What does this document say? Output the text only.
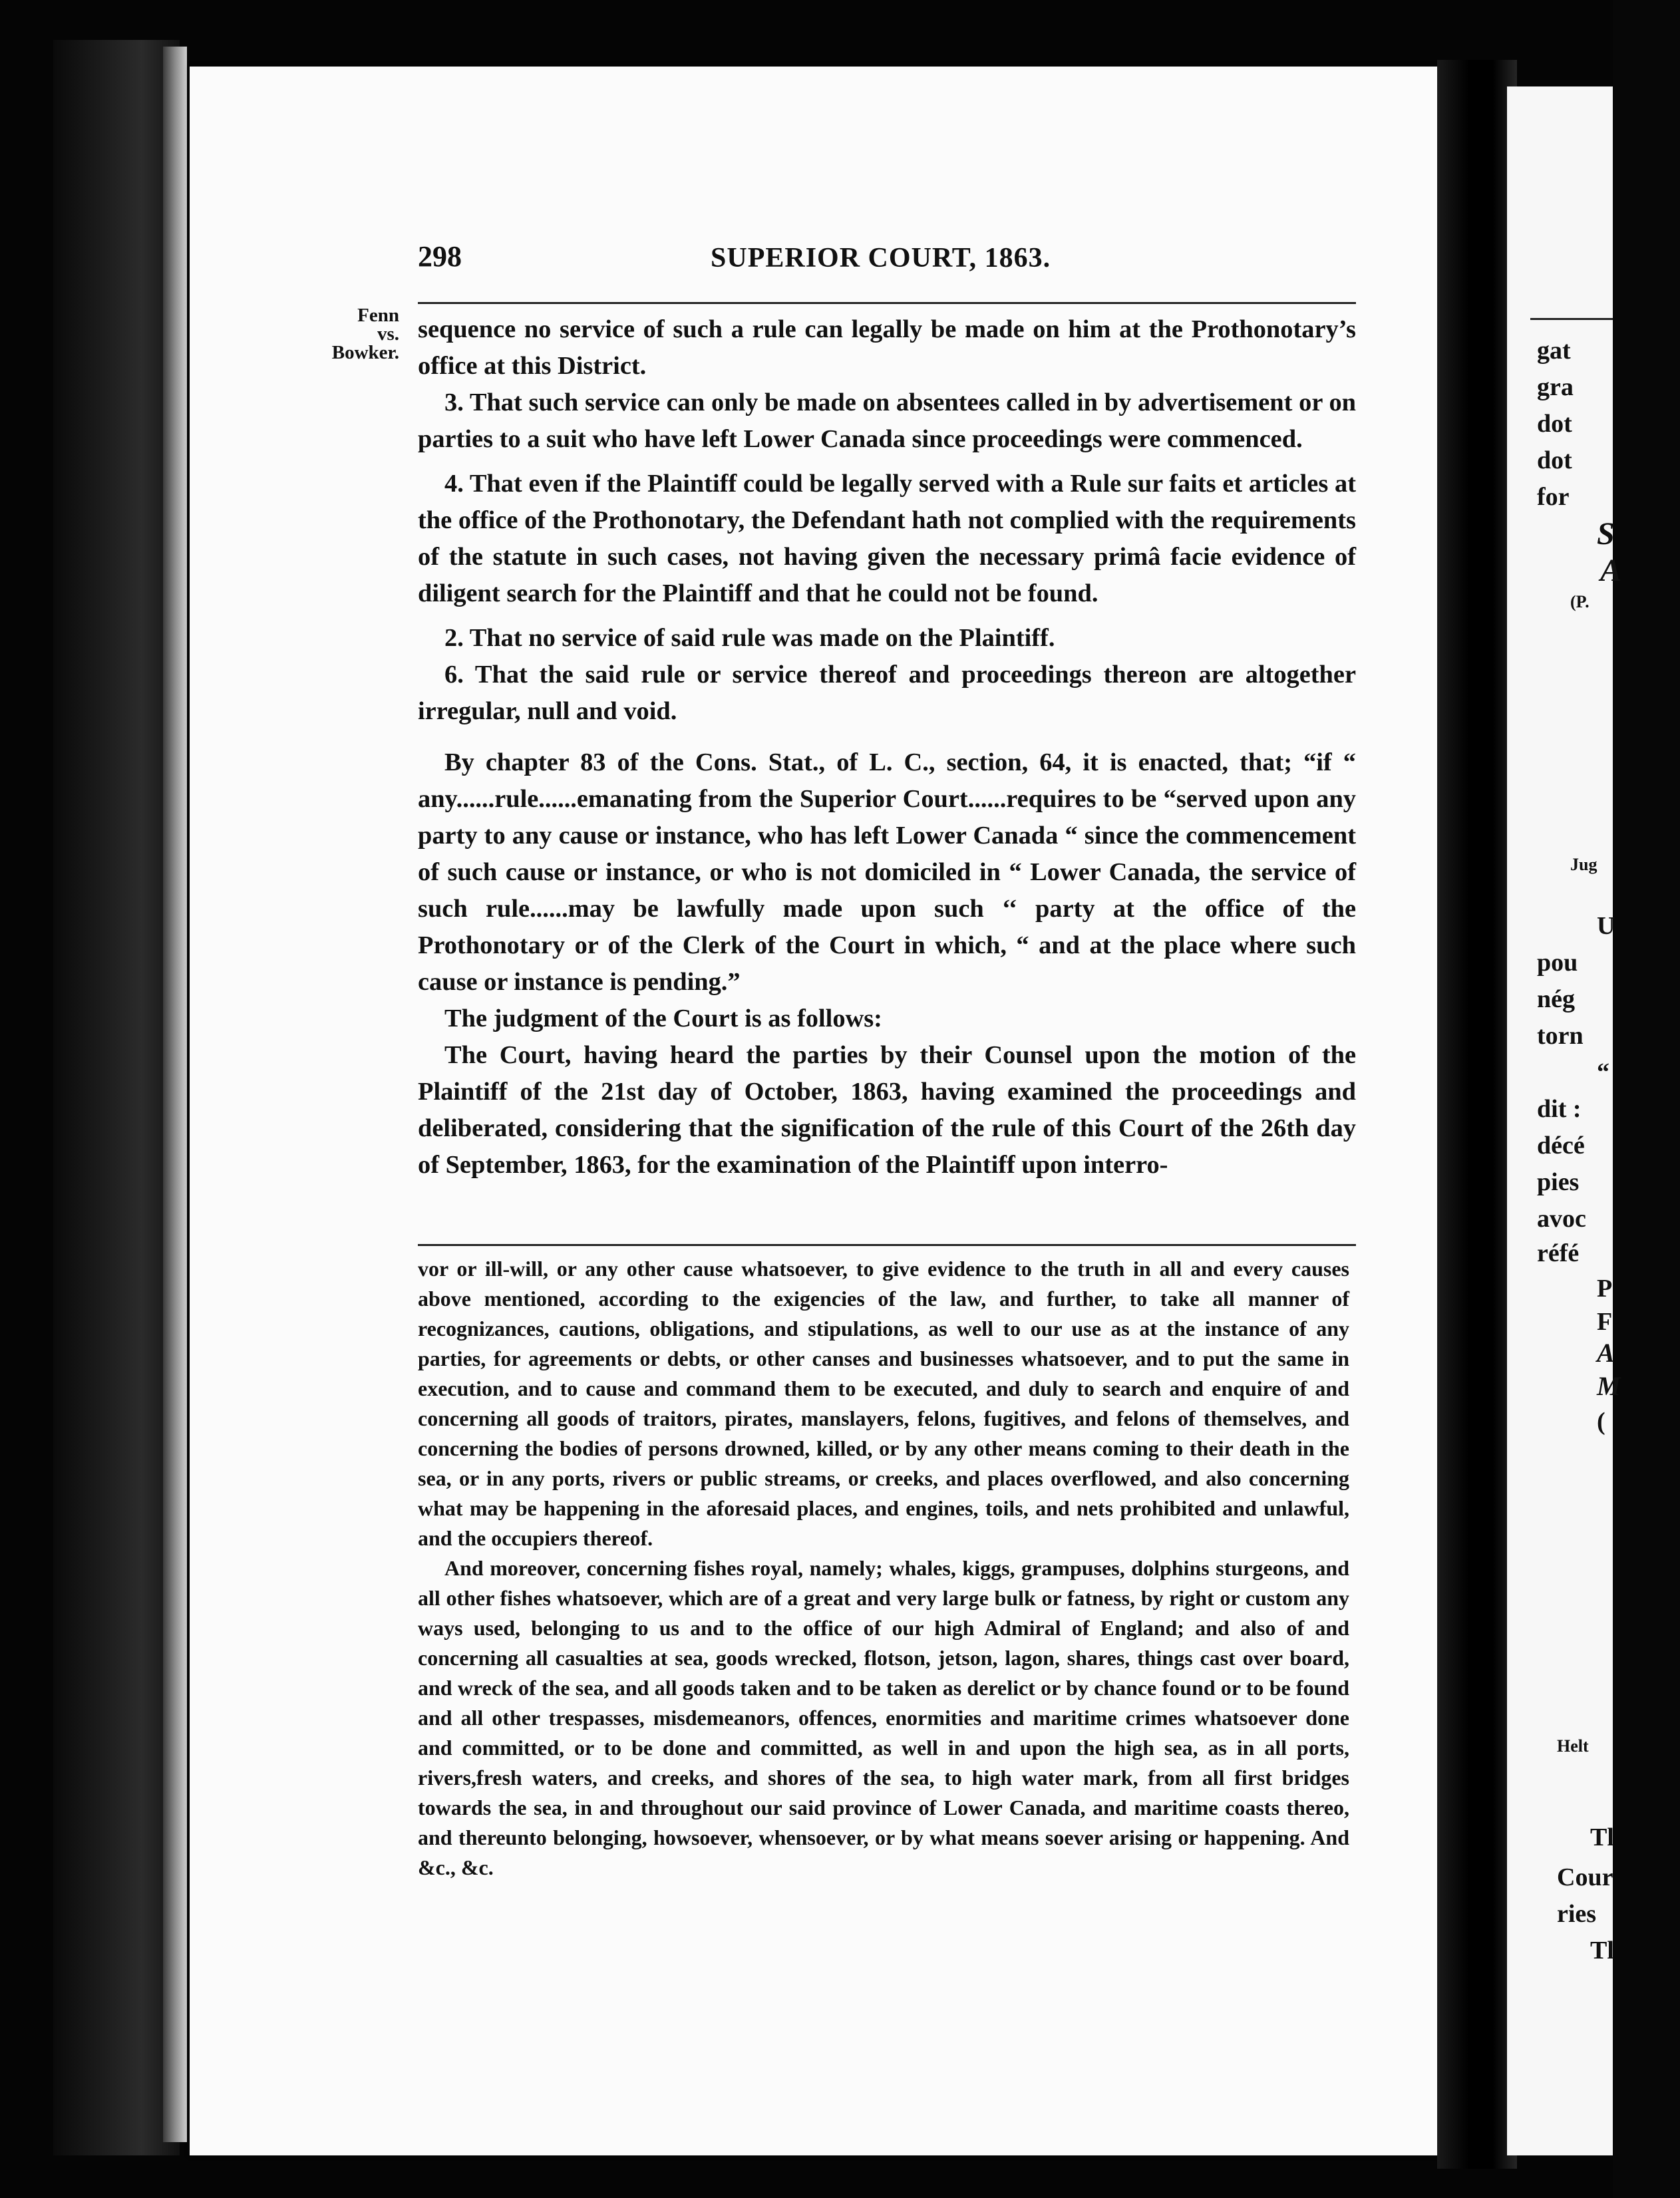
298	SUPERIOR COURT, 1863.
Fenn
vs.
Bowker.

sequence no service of such a rule can legally be made on him at the Prothonotary’s office at this District.

3. That such service can only be made on absentees called in by advertisement or on parties to a suit who have left Lower Canada since proceedings were commenced.

4. That even if the Plaintiff could be legally served with a Rule sur faits et articles at the office of the Prothonotary, the Defendant hath not complied with the requirements of the statute in such cases, not having given the necessary primâ facie evidence of diligent search for the Plaintiff and that he could not be found.

2. That no service of said rule was made on the Plaintiff.

6. That the said rule or service thereof and proceedings thereon are altogether irregular, null and void.

By chapter 83 of the Cons. Stat., of L. C., section, 64, it is enacted, that; “if “ any......rule......emanating from the Superior Court......requires to be “served upon any party to any cause or instance, who has left Lower Canada “ since the commencement of such cause or instance, or who is not domiciled in “ Lower Canada, the service of such rule......may be lawfully made upon such ‘‘ party at the office of the Prothonotary or of the Clerk of the Court in which, “ and at the place where such cause or instance is pending.”

The judgment of the Court is as follows:

The Court, having heard the parties by their Counsel upon the motion of the Plaintiff of the 21st day of October, 1863, having examined the proceedings and deliberated, considering that the signification of the rule of this Court of the 26th day of September, 1863, for the examination of the Plaintiff upon interro-

vor or ill-will, or any other cause whatsoever, to give evidence to the truth in all and every causes above mentioned, according to the exigencies of the law, and further, to take all manner of recognizances, cautions, obligations, and stipulations, as well to our use as at the instance of any parties, for agreements or debts, or other canses and businesses whatsoever, and to put the same in execution, and to cause and command them to be executed, and duly to search and enquire of and concerning all goods of traitors, pirates, manslayers, felons, fugitives, and felons of themselves, and concerning the bodies of persons drowned, killed, or by any other means coming to their death in the sea, or in any ports, rivers or public streams, or creeks, and places overflowed, and also concerning what may be happening in the aforesaid places, and engines, toils, and nets prohibited and unlawful, and the occupiers thereof.

And moreover, concerning fishes royal, namely; whales, kiggs, grampuses, dolphins sturgeons, and all other fishes whatsoever, which are of a great and very large bulk or fatness, by right or custom any ways used, belonging to us and to the office of our high Admiral of England; and also of and concerning all casualties at sea, goods wrecked, flotson, jetson, lagon, shares, things cast over board, and wreck of the sea, and all goods taken and to be taken as derelict or by chance found or to be found and all other trespasses, misdemeanors, offences, enormities and maritime crimes whatsoever done and committed, or to be done and committed, as well in and upon the high sea, as in all ports, rivers,fresh waters, and creeks, and shores of the sea, to high water mark, from all first bridges towards the sea, in and throughout our said province of Lower Canada, and maritime coasts thereo, and thereunto belonging, howsoever, whensoever, or by what means soever arising or happening. And &c., &c.

gat
gra
dot
dot
for
S
A
(P.
Jug
U
pou
nég
torn
“
dit :
décé
pies
avoc
réfé
P
F
A
M
(
Helt
Tl
Cour
ries
Tl
